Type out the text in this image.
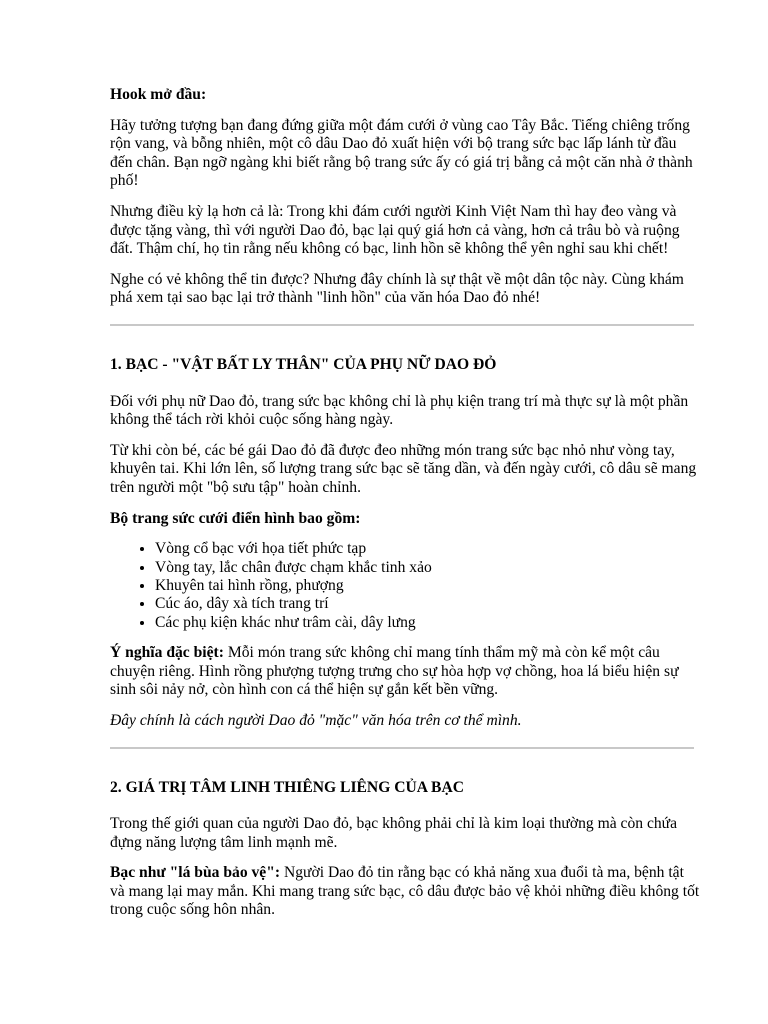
Hook mở đầu:

Hãy tưởng tượng bạn đang đứng giữa một đám cưới ở vùng cao Tây Bắc. Tiếng chiêng trống rộn vang, và bỗng nhiên, một cô dâu Dao đỏ xuất hiện với bộ trang sức bạc lấp lánh từ đầu đến chân. Bạn ngỡ ngàng khi biết rằng bộ trang sức ấy có giá trị bằng cả một căn nhà ở thành phố!

Nhưng điều kỳ lạ hơn cả là: Trong khi đám cưới người Kinh Việt Nam thì hay đeo vàng và được tặng vàng, thì với người Dao đỏ, bạc lại quý giá hơn cả vàng, hơn cả trâu bò và ruộng đất. Thậm chí, họ tin rằng nếu không có bạc, linh hồn sẽ không thể yên nghỉ sau khi chết!

Nghe có vẻ không thể tin được? Nhưng đây chính là sự thật về một dân tộc này. Cùng khám phá xem tại sao bạc lại trở thành "linh hồn" của văn hóa Dao đỏ nhé!

1. BẠC - "VẬT BẤT LY THÂN" CỦA PHỤ NỮ DAO ĐỎ

Đối với phụ nữ Dao đỏ, trang sức bạc không chỉ là phụ kiện trang trí mà thực sự là một phần không thể tách rời khỏi cuộc sống hàng ngày.

Từ khi còn bé, các bé gái Dao đỏ đã được đeo những món trang sức bạc nhỏ như vòng tay, khuyên tai. Khi lớn lên, số lượng trang sức bạc sẽ tăng dần, và đến ngày cưới, cô dâu sẽ mang trên người một "bộ sưu tập" hoàn chỉnh.

Bộ trang sức cưới điển hình bao gồm:

• Vòng cổ bạc với họa tiết phức tạp
• Vòng tay, lắc chân được chạm khắc tinh xảo
• Khuyên tai hình rồng, phượng
• Cúc áo, dây xà tích trang trí
• Các phụ kiện khác như trâm cài, dây lưng

Ý nghĩa đặc biệt: Mỗi món trang sức không chỉ mang tính thẩm mỹ mà còn kể một câu chuyện riêng. Hình rồng phượng tượng trưng cho sự hòa hợp vợ chồng, hoa lá biểu hiện sự sinh sôi nảy nở, còn hình con cá thể hiện sự gắn kết bền vững.

Đây chính là cách người Dao đỏ "mặc" văn hóa trên cơ thể mình.

2. GIÁ TRỊ TÂM LINH THIÊNG LIÊNG CỦA BẠC

Trong thế giới quan của người Dao đỏ, bạc không phải chỉ là kim loại thường mà còn chứa đựng năng lượng tâm linh mạnh mẽ.

Bạc như "lá bùa bảo vệ": Người Dao đỏ tin rằng bạc có khả năng xua đuổi tà ma, bệnh tật và mang lại may mắn. Khi mang trang sức bạc, cô dâu được bảo vệ khỏi những điều không tốt trong cuộc sống hôn nhân.
